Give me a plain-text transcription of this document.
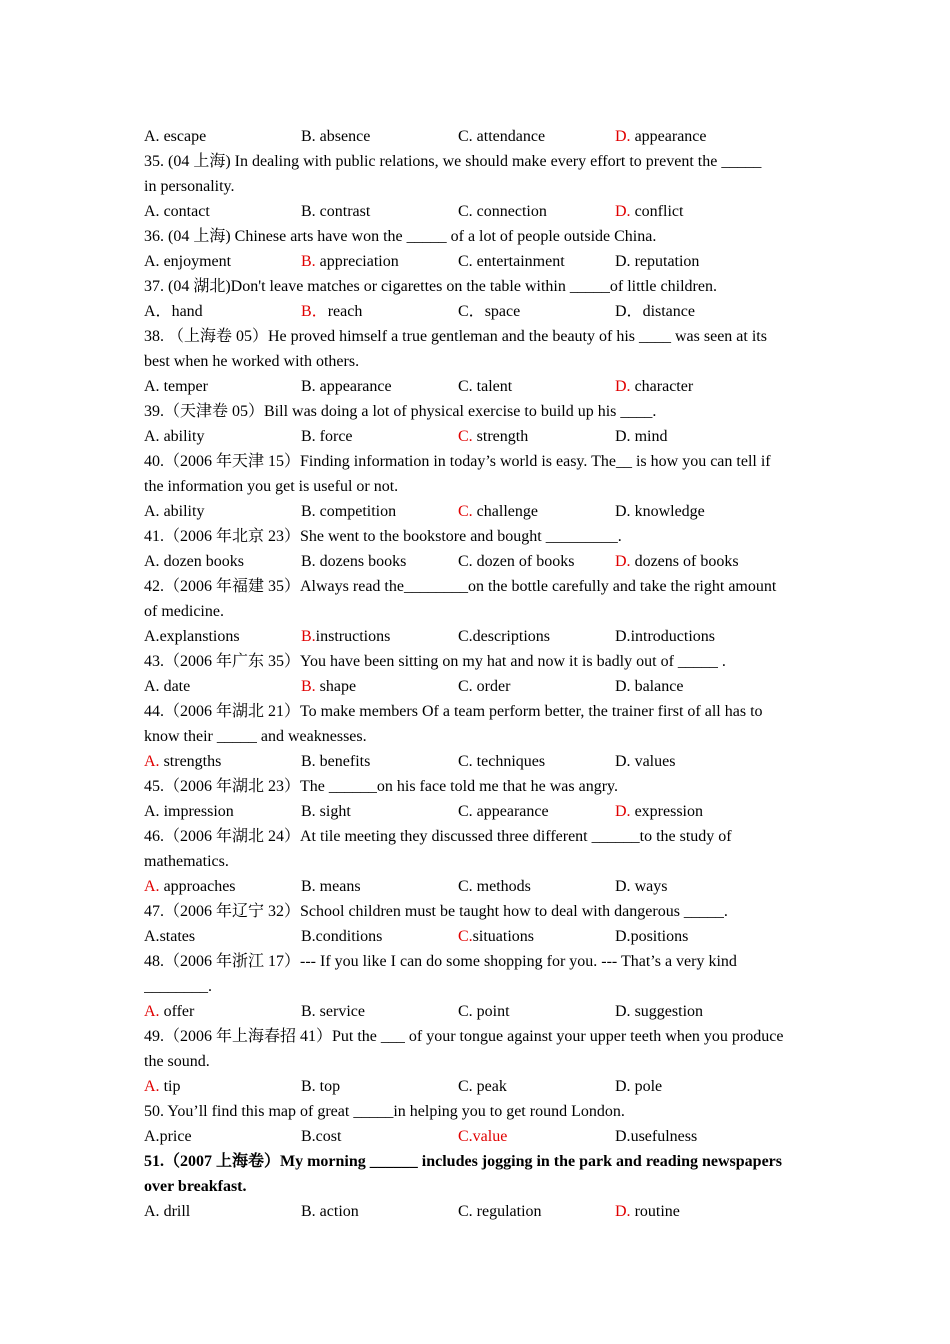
A. escape	B. absence	C. attendance	D. appearance
35. (04 上海) In dealing with public relations, we should make every effort to prevent the _____
in personality.
A. contact	B. contrast	C. connection	D. conflict
36. (04 上海) Chinese arts have won the _____ of a lot of people outside China.
A. enjoyment	B. appreciation	C. entertainment	D. reputation
37. (04 湖北)Don't leave matches or cigarettes on the table within _____of little children.
A．hand	B．reach	C．space	D．distance
38. （上海卷 05）He proved himself a true gentleman and the beauty of his ____ was seen at its
best when he worked with others.
A. temper	B. appearance	C. talent	D. character
39.（天津卷 05）Bill was doing a lot of physical exercise to build up his ____.
A. ability	B. force	C. strength	D. mind
40.（2006 年天津 15）Finding information in today’s world is easy. The__ is how you can tell if
the information you get is useful or not.
A. ability	B. competition	C. challenge	D. knowledge
41.（2006 年北京 23）She went to the bookstore and bought _________.
A. dozen books	B. dozens books	C. dozen of books	D. dozens of books
42.（2006 年福建 35）Always read the________on the bottle carefully and take the right amount
of medicine.
A.explanstions	B.instructions	C.descriptions	D.introductions
43.（2006 年广东 35）You have been sitting on my hat and now it is badly out of _____ .
A. date	B. shape	C. order	D. balance
44.（2006 年湖北 21）To make members Of a team perform better, the trainer first of all has to
know their _____ and weaknesses.
A. strengths	B. benefits	C. techniques	D. values
45.（2006 年湖北 23）The ______on his face told me that he was angry.
A. impression	B. sight	C. appearance	D. expression
46.（2006 年湖北 24）At tile meeting they discussed three different ______to the study of
mathematics.
A. approaches	B. means	C. methods	D. ways
47.（2006 年辽宁 32）School children must be taught how to deal with dangerous _____.
A.states	B.conditions	C.situations	D.positions
48.（2006 年浙江 17）--- If you like I can do some shopping for you. --- That’s a very kind
________.
A. offer	B. service	C. point	D. suggestion
49.（2006 年上海春招 41）Put the ___ of your tongue against your upper teeth when you produce
the sound.
A. tip	B. top	C. peak	D. pole
50. You’ll find this map of great _____in helping you to get round London.
A.price	B.cost	C.value	D.usefulness
51.（2007 上海卷）My morning ______ includes jogging in the park and reading newspapers
over breakfast.
A. drill	B. action	C. regulation	D. routine
